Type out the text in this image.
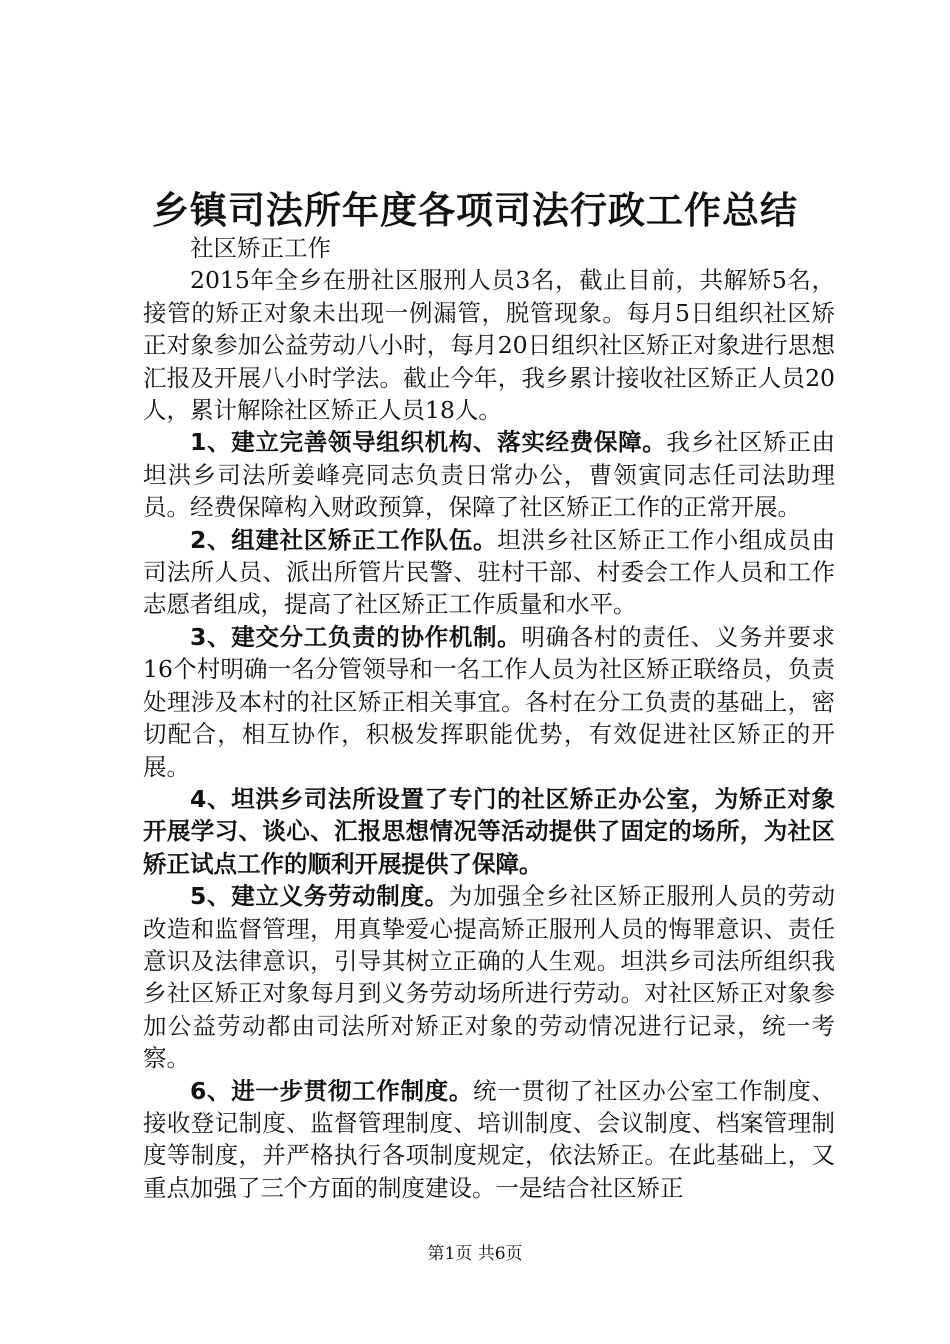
乡镇司法所年度各项司法行政工作总结

社区矫正工作

2015年全乡在册社区服刑人员3名，截止目前，共解矫5名，接管的矫正对象未出现一例漏管，脱管现象。每月5日组织社区矫正对象参加公益劳动八小时，每月20日组织社区矫正对象进行思想汇报及开展八小时学法。截止今年，我乡累计接收社区矫正人员20人，累计解除社区矫正人员18人。

1、建立完善领导组织机构、落实经费保障。我乡社区矫正由坦洪乡司法所姜峰亮同志负责日常办公，曹领寅同志任司法助理员。经费保障构入财政预算，保障了社区矫正工作的正常开展。

2、组建社区矫正工作队伍。坦洪乡社区矫正工作小组成员由司法所人员、派出所管片民警、驻村干部、村委会工作人员和工作志愿者组成，提高了社区矫正工作质量和水平。

3、建交分工负责的协作机制。明确各村的责任、义务并要求16个村明确一名分管领导和一名工作人员为社区矫正联络员，负责处理涉及本村的社区矫正相关事宜。各村在分工负责的基础上，密切配合，相互协作，积极发挥职能优势，有效促进社区矫正的开展。

4、坦洪乡司法所设置了专门的社区矫正办公室，为矫正对象开展学习、谈心、汇报思想情况等活动提供了固定的场所，为社区矫正试点工作的顺利开展提供了保障。

5、建立义务劳动制度。为加强全乡社区矫正服刑人员的劳动改造和监督管理，用真挚爱心提高矫正服刑人员的悔罪意识、责任意识及法律意识，引导其树立正确的人生观。坦洪乡司法所组织我乡社区矫正对象每月到义务劳动场所进行劳动。对社区矫正对象参加公益劳动都由司法所对矫正对象的劳动情况进行记录，统一考察。

6、进一步贯彻工作制度。统一贯彻了社区办公室工作制度、接收登记制度、监督管理制度、培训制度、会议制度、档案管理制度等制度，并严格执行各项制度规定，依法矫正。在此基础上，又重点加强了三个方面的制度建设。一是结合社区矫正

第1页 共6页
